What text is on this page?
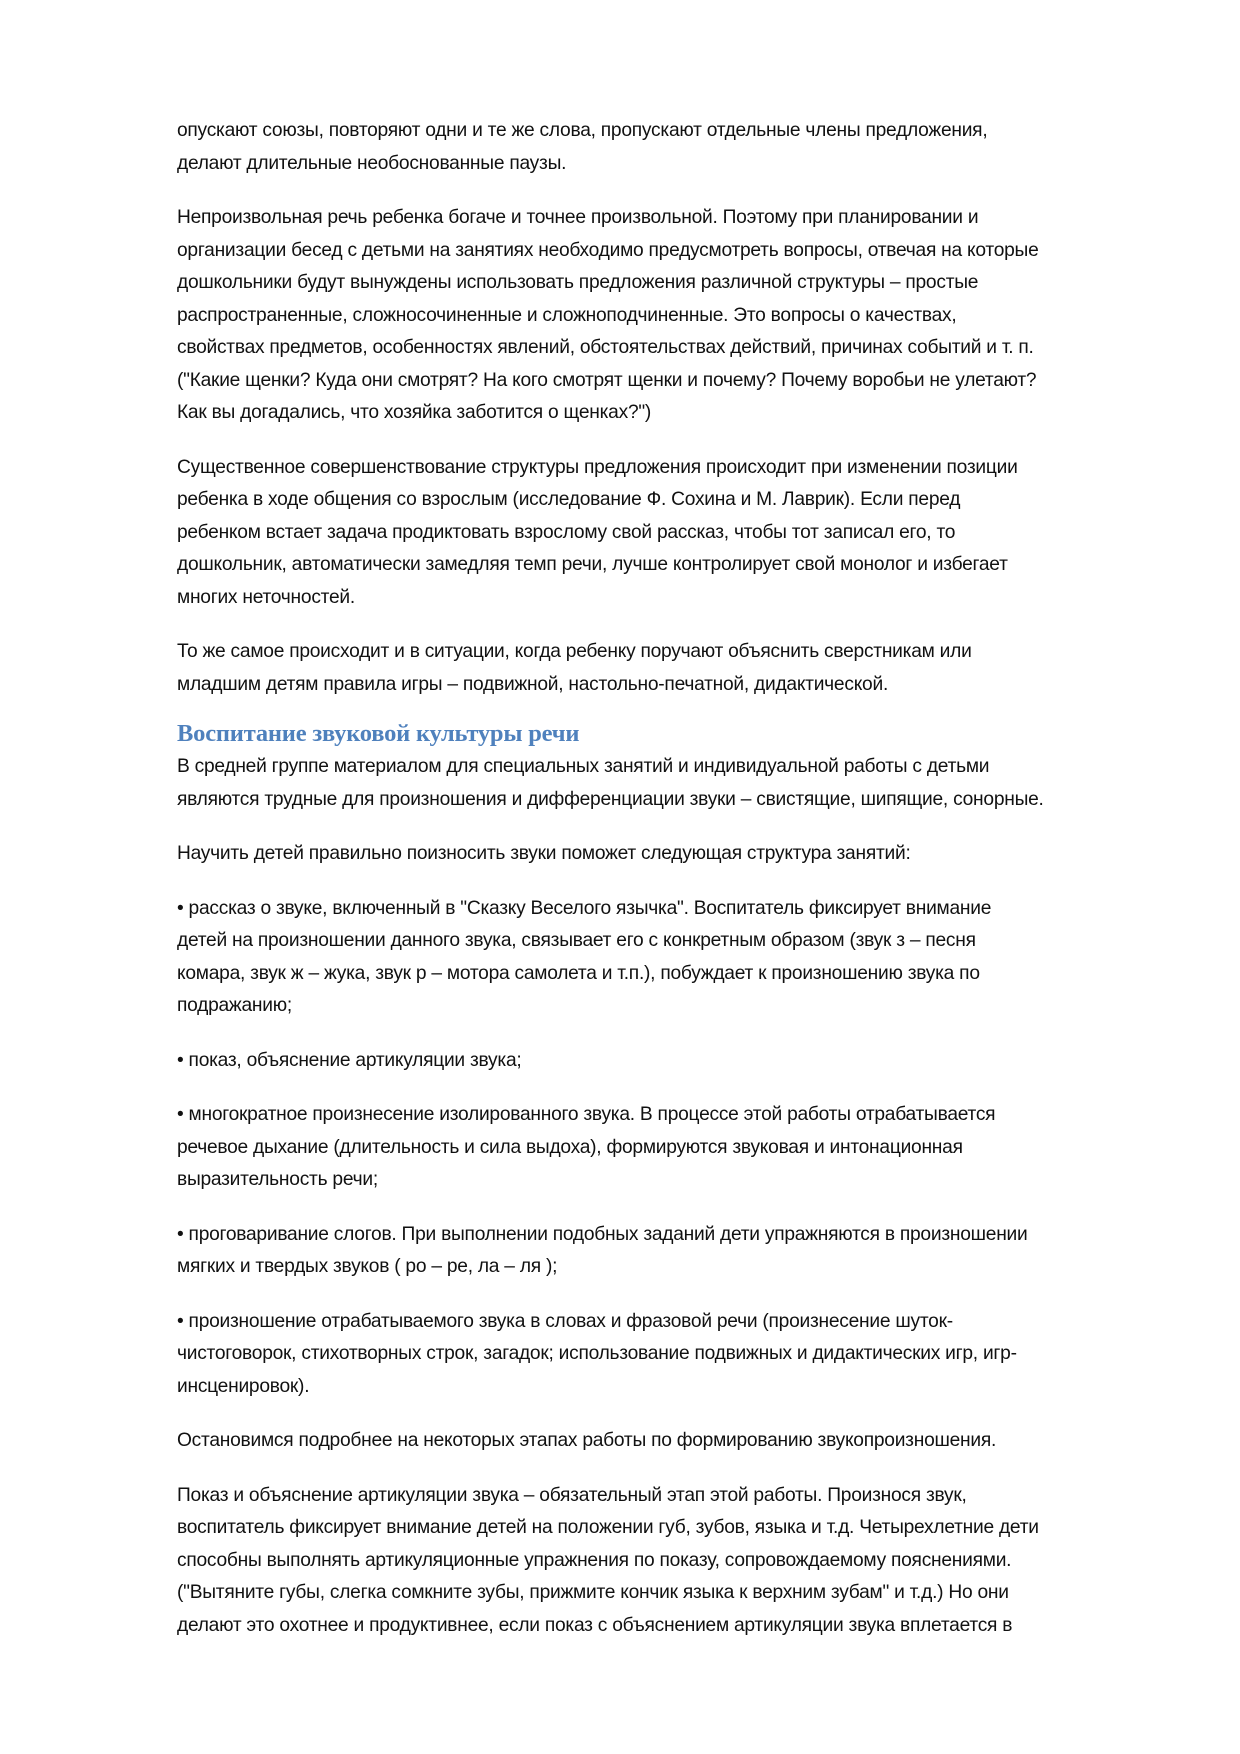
опускают союзы, повторяют одни и те же слова, пропускают отдельные члены предложения,
делают длительные необоснованные паузы.
Непроизвольная речь ребенка богаче и точнее произвольной. Поэтому при планировании и
организации бесед с детьми на занятиях необходимо предусмотреть вопросы, отвечая на которые
дошкольники будут вынуждены использовать предложения различной структуры – простые
распространенные, сложносочиненные и сложноподчиненные. Это вопросы о качествах,
свойствах предметов, особенностях явлений, обстоятельствах действий, причинах событий и т. п.
("Какие щенки? Куда они смотрят? На кого смотрят щенки и почему? Почему воробьи не улетают?
Как вы догадались, что хозяйка заботится о щенках?")
Существенное совершенствование структуры предложения происходит при изменении позиции
ребенка в ходе общения со взрослым (исследование Ф. Сохина и М. Лаврик). Если перед
ребенком встает задача продиктовать взрослому свой рассказ, чтобы тот записал его, то
дошкольник, автоматически замедляя темп речи, лучше контролирует свой монолог и избегает
многих неточностей.
То же самое происходит и в ситуации, когда ребенку поручают объяснить сверстникам или
младшим детям правила игры – подвижной, настольно-печатной, дидактической.
Воспитание звуковой культуры речи
В средней группе материалом для специальных занятий и индивидуальной работы с детьми
являются трудные для произношения и дифференциации звуки – свистящие, шипящие, сонорные.
Научить детей правильно поизносить звуки поможет следующая структура занятий:
• рассказ о звуке, включенный в "Сказку Веселого язычка". Воспитатель фиксирует внимание
детей на произношении данного звука, связывает его с конкретным образом (звук з – песня
комара, звук ж – жука, звук р – мотора самолета и т.п.), побуждает к произношению звука по
подражанию;
• показ, объяснение артикуляции звука;
• многократное произнесение изолированного звука. В процессе этой работы отрабатывается
речевое дыхание (длительность и сила выдоха), формируются звуковая и интонационная
выразительность речи;
• проговаривание слогов. При выполнении подобных заданий дети упражняются в произношении
мягких и твердых звуков ( ро – ре, ла – ля );
• произношение отрабатываемого звука в словах и фразовой речи (произнесение шуток-
чистоговорок, стихотворных строк, загадок; использование подвижных и дидактических игр, игр-
инсценировок).
Остановимся подробнее на некоторых этапах работы по формированию звукопроизношения.
Показ и объяснение артикуляции звука – обязательный этап этой работы. Произнося звук,
воспитатель фиксирует внимание детей на положении губ, зубов, языка и т.д. Четырехлетние дети
способны выполнять артикуляционные упражнения по показу, сопровождаемому пояснениями.
("Вытяните губы, слегка сомкните зубы, прижмите кончик языка к верхним зубам" и т.д.) Но они
делают это охотнее и продуктивнее, если показ с объяснением артикуляции звука вплетается в
